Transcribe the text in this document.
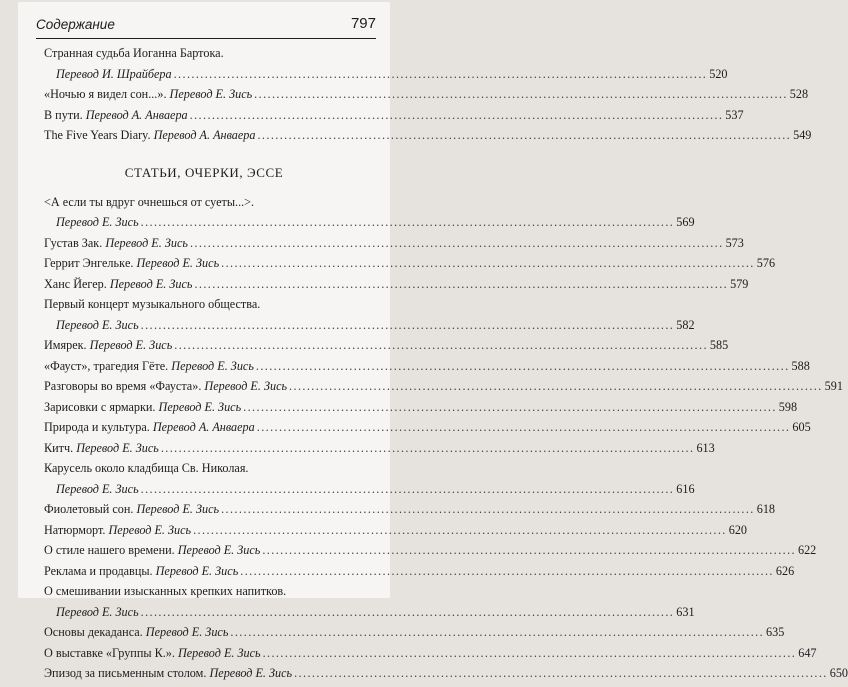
Содержание	797
Странная судьба Иоганна Бартока.
Перевод И. Шрайбера .....	520
«Ночью я видел сон...». Перевод Е. Зись .....	528
В пути. Перевод А. Анваера .....	537
The Five Years Diary. Перевод А. Анваера .....	549
СТАТЬИ, ОЧЕРКИ, ЭССЕ
<А если ты вдруг очнешься от суеты...>.
Перевод Е. Зись .....	569
Густав Зак. Перевод Е. Зись .....	573
Геррит Энгелькe. Перевод Е. Зись .....	576
Ханс Йегер. Перевод Е. Зись .....	579
Первый концерт музыкального общества.
Перевод Е. Зись .....	582
Имярек. Перевод Е. Зись .....	585
«Фауст», трагедия Гёте. Перевод Е. Зись .....	588
Разговоры во время «Фауста». Перевод Е. Зись .....	591
Зарисовки с ярмарки. Перевод Е. Зись .....	598
Природа и культура. Перевод А. Анваера .....	605
Китч. Перевод Е. Зись .....	613
Карусель около кладбища Св. Николая.
Перевод Е. Зись .....	616
Фиолетовый сон. Перевод Е. Зись .....	618
Натюрморт. Перевод Е. Зись .....	620
О стиле нашего времени. Перевод Е. Зись .....	622
Реклама и продавцы. Перевод Е. Зись .....	626
О смешивании изысканных крепких напитков.
Перевод Е. Зись .....	631
Основы декаданса. Перевод Е. Зись .....	635
О выставке «Группы К.». Перевод Е. Зись .....	647
Эпизод за письменным столом. Перевод Е. Зись .....	650
